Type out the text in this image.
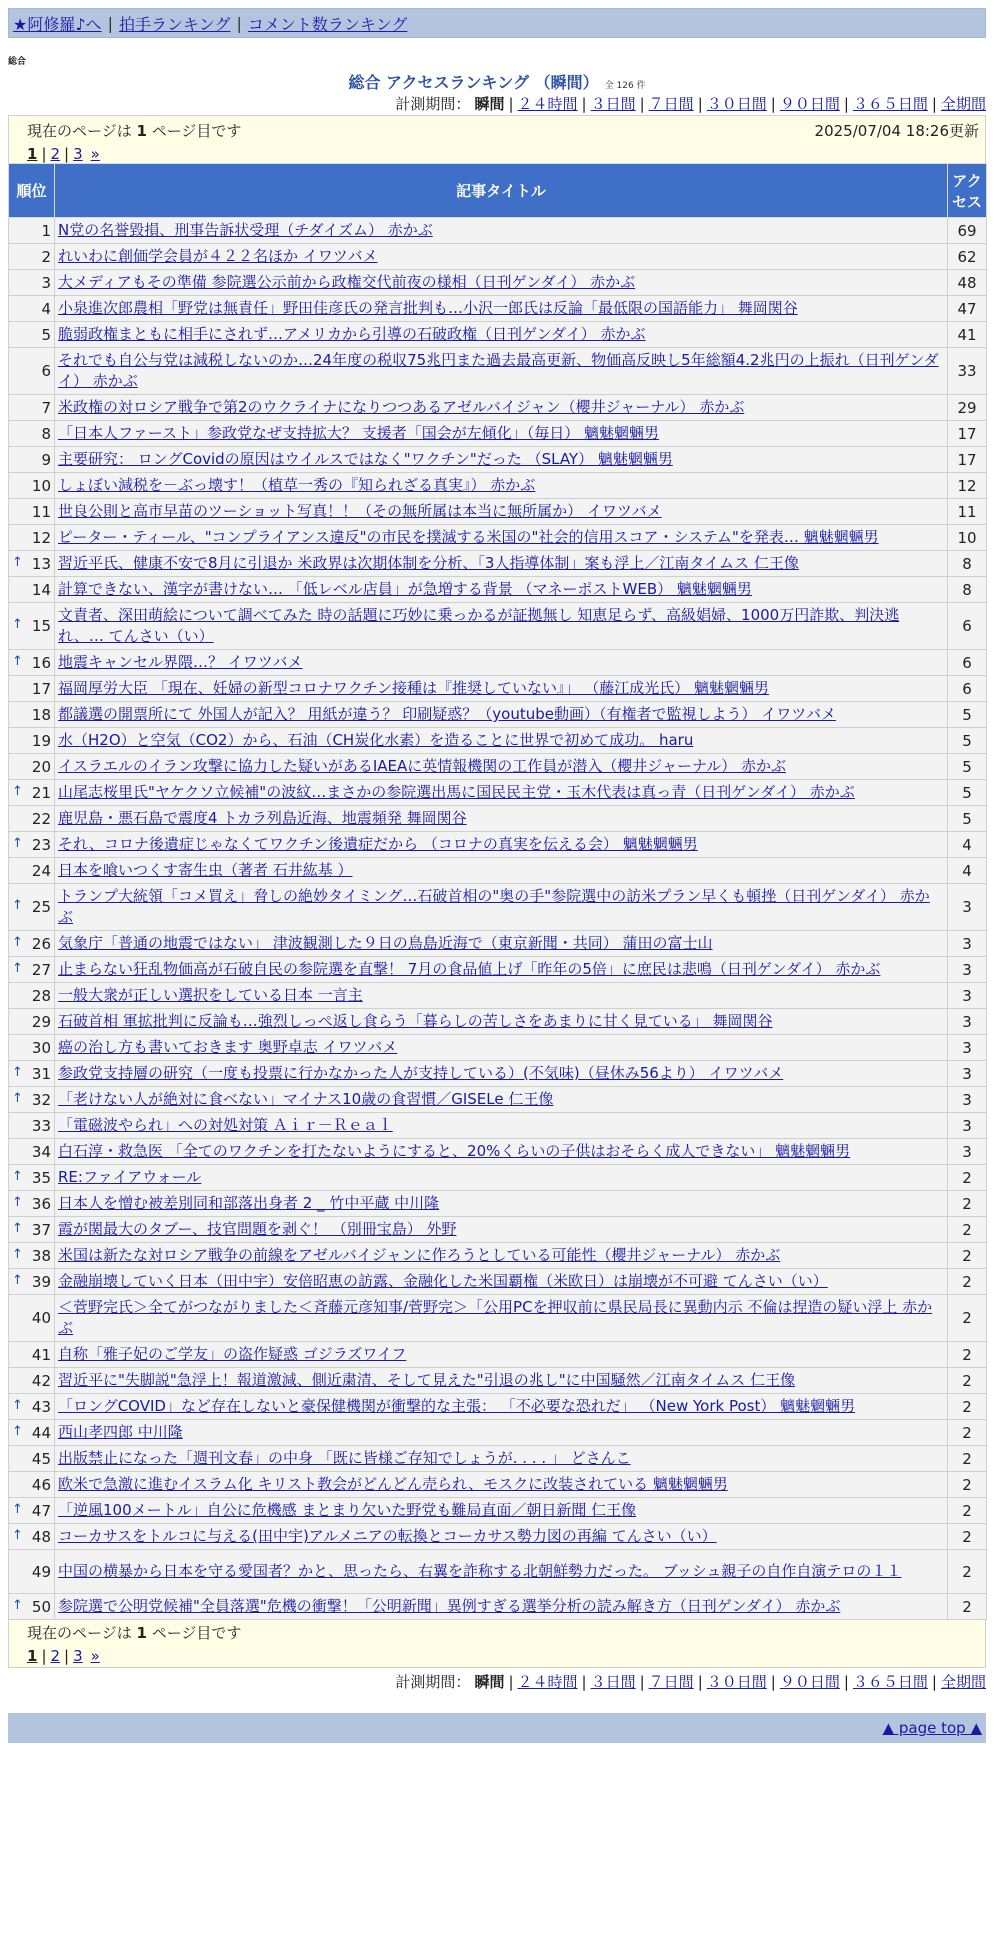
★阿修羅♪へ | 拍手ランキング | コメント数ランキング
総合
総合 アクセスランキング （瞬間） 全 126 件
計測期間： 瞬間 | ２４時間 | ３日間 | ７日間 | ３０日間 | ９０日間 | ３６５日間 | 全期間
現在のページは 1 ページ目です	2025/07/04 18:26更新
1 | 2 | 3 »
順位	記事タイトル	アクセス
1	N党の名誉毀損、刑事告訴状受理（チダイズム） 赤かぶ	69
2	れいわに創価学会員が４２２名ほか イワツバメ	62
3	大メディアもその準備 参院選公示前から政権交代前夜の様相（日刊ゲンダイ） 赤かぶ	48
4	小泉進次郎農相「野党は無責任」野田佳彦氏の発言批判も…小沢一郎氏は反論「最低限の国語能力」 舞岡関谷	47
5	脆弱政権まともに相手にされず…アメリカから引導の石破政権（日刊ゲンダイ） 赤かぶ	41
6	それでも自公与党は減税しないのか…24年度の税収75兆円また過去最高更新、物価高反映し5年総額4.2兆円の上振れ（日刊ゲンダイ） 赤かぶ	33
7	米政権の対ロシア戦争で第2のウクライナになりつつあるアゼルバイジャン（櫻井ジャーナル） 赤かぶ	29
8	「日本人ファースト」参政党なぜ支持拡大？ 支援者「国会が左傾化」（毎日） 魑魅魍魎男	17
9	主要研究： ロングCovidの原因はウイルスではなく"ワクチン"だった （SLAY） 魑魅魍魎男	17
10	しょぼい減税を－ぶっ壊す！（植草一秀の『知られざる真実』） 赤かぶ	12
11	世良公則と高市早苗のツーショット写真！！（その無所属は本当に無所属か） イワツバメ	11
12	ピーター・ティール、"コンプライアンス違反"の市民を撲滅する米国の"社会的信用スコア・システム"を発表… 魑魅魍魎男	10

↑ 13	習近平氏、健康不安で8月に引退か 米政界は次期体制を分析、「3人指導体制」案も浮上／江南タイムス 仁王像	8
14	計算できない、漢字が書けない… 「低レベル店員」が急増する背景 （マネーポストWEB） 魑魅魍魎男	8

↑ 15	文責者、深田萌絵について調べてみた 時の話題に巧妙に乗っかるが証拠無し 知恵足らず、高級娼婦、1000万円詐欺、判決逃れ、… てんさい（い）	6

↑ 16	地震キャンセル界隈…？ イワツバメ	6
17	福岡厚労大臣 「現在、妊婦の新型コロナワクチン接種は『推奨していない』」 （藤江成光氏） 魑魅魍魎男	6
18	都議選の開票所にて 外国人が記入？ 用紙が違う？ 印刷疑惑？（youtube動画）（有権者で監視しよう） イワツバメ	5
19	水（H2O）と空気（CO2）から、石油（CH炭化水素）を造ることに世界で初めて成功。 haru	5
20	イスラエルのイラン攻撃に協力した疑いがあるIAEAに英情報機関の工作員が潜入（櫻井ジャーナル） 赤かぶ	5

↑ 21	山尾志桜里氏"ヤケクソ立候補"の波紋…まさかの参院選出馬に国民民主党・玉木代表は真っ青（日刊ゲンダイ） 赤かぶ	5
22	鹿児島・悪石島で震度4 トカラ列島近海、地震頻発 舞岡関谷	5

↑ 23	それ、コロナ後遺症じゃなくてワクチン後遺症だから （コロナの真実を伝える会） 魑魅魍魎男	4
24	日本を喰いつくす寄生虫（著者 石井紘基 ）	4

↑ 25	トランプ大統領「コメ買え」脅しの絶妙タイミング…石破首相の"奥の手"参院選中の訪米プラン早くも頓挫（日刊ゲンダイ） 赤かぶ	3

↑ 26	気象庁「普通の地震ではない」 津波観測した９日の鳥島近海で（東京新聞・共同） 蒲田の富士山	3

↑ 27	止まらない狂乱物価高が石破自民の参院選を直撃！ 7月の食品値上げ「昨年の5倍」に庶民は悲鳴（日刊ゲンダイ） 赤かぶ	3
28	一般大衆が正しい選択をしている日本 一言主	3
29	石破首相 軍拡批判に反論も…強烈しっぺ返し食らう「暮らしの苦しさをあまりに甘く見ている」 舞岡関谷	3
30	癌の治し方も書いておきます 奥野卓志 イワツバメ	3

↑ 31	参政党支持層の研究（一度も投票に行かなかった人が支持している）(不気味)（昼休み56より） イワツバメ	3

↑ 32	「老けない人が絶対に食べない」マイナス10歳の食習慣／GISELe 仁王像	3
33	「電磁波やられ」への対処対策 Ａｉｒ－Ｒｅａｌ	3
34	白石淳・救急医 「全てのワクチンを打たないようにすると、20%くらいの子供はおそらく成人できない」 魑魅魍魎男	3

↑ 35	RE:ファイアウォール	2

↑ 36	日本人を憎む被差別同和部落出身者 2 _ 竹中平蔵 中川隆	2

↑ 37	霞が関最大のタブー、技官問題を剥ぐ！ （別冊宝島） 外野	2

↑ 38	米国は新たな対ロシア戦争の前線をアゼルバイジャンに作ろうとしている可能性（櫻井ジャーナル） 赤かぶ	2

↑ 39	金融崩壊していく日本（田中宇）安倍昭恵の訪露、金融化した米国覇権（米欧日）は崩壊が不可避 てんさい（い）	2
40	＜菅野完氏＞全てがつながりました＜斉藤元彦知事/菅野完＞「公用PCを押収前に県民局長に異動内示 不倫は捏造の疑い浮上 赤かぶ	2
41	自称「雅子妃のご学友」の盗作疑惑 ゴジラズワイフ	2
42	習近平に"失脚説"急浮上！報道激減、側近粛清、そして見えた"引退の兆し"に中国騒然／江南タイムス 仁王像	2

↑ 43	「ロングCOVID」など存在しないと豪保健機関が衝撃的な主張： 「不必要な恐れだ」 （New York Post） 魑魅魍魎男	2

↑ 44	西山孝四郎 中川隆	2
45	出版禁止になった「週刊文春」の中身 「既に皆様ご存知でしょうが. . . . 」 どさんこ	2
46	欧米で急激に進むイスラム化 キリスト教会がどんどん売られ、モスクに改装されている 魑魅魍魎男	2

↑ 47	「逆風100メートル」自公に危機感 まとまり欠いた野党も難局直面／朝日新聞 仁王像	2

↑ 48	コーカサスをトルコに与える(田中宇)アルメニアの転換とコーカサス勢力図の再編 てんさい（い）	2
49	中国の横暴から日本を守る愛国者？かと、思ったら、右翼を詐称する北朝鮮勢力だった。 ブッシュ親子の自作自演テロの１１	2

↑ 50	参院選で公明党候補"全員落選"危機の衝撃！「公明新聞」異例すぎる選挙分析の読み解き方（日刊ゲンダイ） 赤かぶ	2
現在のページは 1 ページ目です
1 | 2 | 3 »
計測期間： 瞬間 | ２４時間 | ３日間 | ７日間 | ３０日間 | ９０日間 | ３６５日間 | 全期間
▲ page top ▲
